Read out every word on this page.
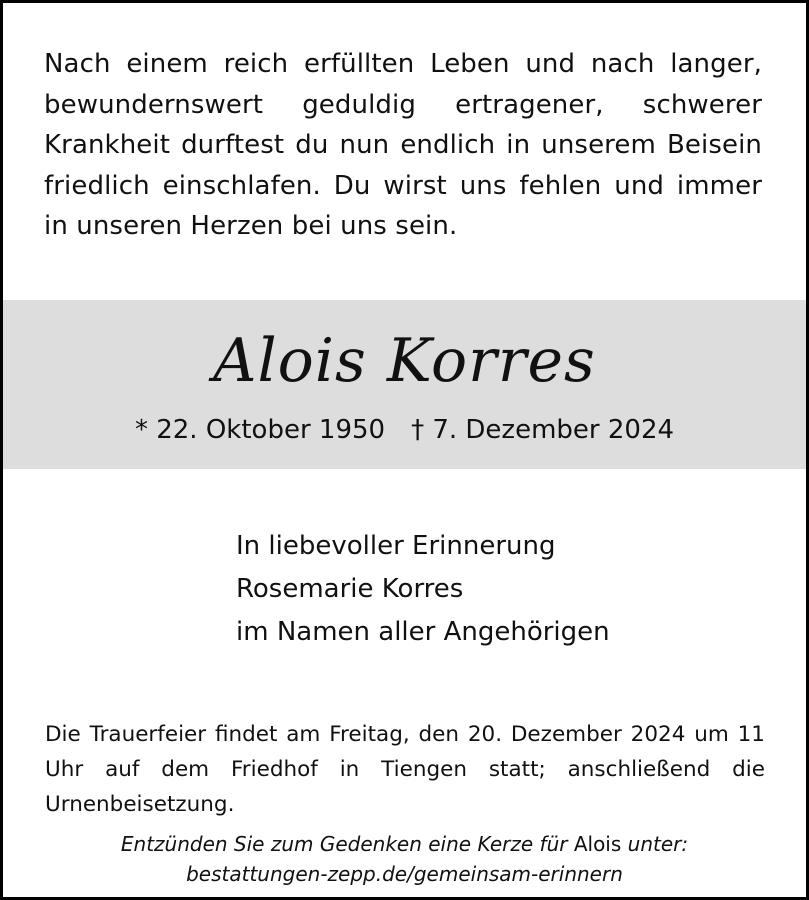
Nach einem reich erfüllten Leben und nach langer, bewundernswert geduldig ertragener, schwerer Krankheit durftest du nun endlich in unserem Beisein friedlich einschlafen. Du wirst uns fehlen und immer in unseren Herzen bei uns sein.

Alois Korres
* 22. Oktober 1950 † 7. Dezember 2024
In liebevoller Erinnerung
Rosemarie Korres
im Namen aller Angehörigen

Die Trauerfeier findet am Freitag, den 20. Dezember 2024 um 11 Uhr auf dem Friedhof in Tiengen statt; anschließend die Urnenbeisetzung.

Entzünden Sie zum Gedenken eine Kerze für Alois unter:
bestattungen-zepp.de/gemeinsam-erinnern
